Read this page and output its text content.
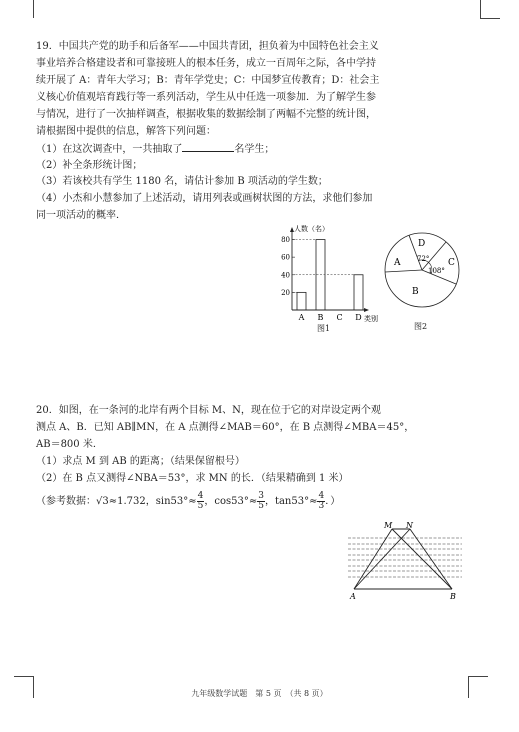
19．中国共产党的助手和后备军——中国共青团，担负着为中国特色社会主义
事业培养合格建设者和可靠接班人的根本任务，成立一百周年之际，各中学持
续开展了 A：青年大学习；B：青年学党史；C：中国梦宣传教育；D：社会主
义核心价值观培育践行等一系列活动，学生从中任选一项参加．为了解学生参
与情况，进行了一次抽样调查，根据收集的数据绘制了两幅不完整的统计图，
请根据图中提供的信息，解答下列问题：
（1）在这次调查中，一共抽取了	名学生；
（2）补全条形统计图；
（3）若该校共有学生 1180 名，请估计参加 B 项活动的学生数；
（4）小杰和小慧参加了上述活动，请用列表或画树状图的方法，求他们参加
同一项活动的概率．
人数（名）
类别
20
40
60
80
A B C D
图1
D
A	C
B
72°
108°
图2
20．如图，在一条河的北岸有两个目标 M、N，现在位于它的对岸设定两个观
测点 A、B．已知 AB∥MN，在 A 点测得∠MAB＝60°，在 B 点测得∠MBA＝45°，
AB＝800 米．
（1）求点 M 到 AB 的距离；（结果保留根号）
（2）在 B 点又测得∠NBA＝53°，求 MN 的长．（结果精确到 1 米）
（参考数据：√3≈1.732，$\sin 53^\circ\approx \frac{4}{5}$ ，$\cos 53^\circ\approx \frac{3}{5}$ ，$\tan 53^\circ\approx \frac{4}{3}$ ．）
M N
A	B
九年级数学试题　第 5 页　（共 8 页）
